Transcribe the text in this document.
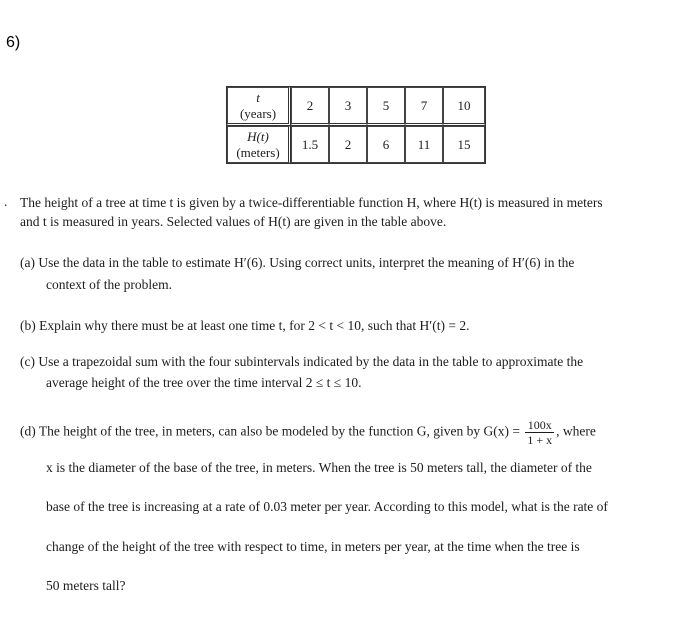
6)
t
(years)	2	3	5	7	10

H(t)
(meters)	1.5	2	6	11	15
. The height of a tree at time t is given by a twice-differentiable function H, where H(t) is measured in meters
and t is measured in years. Selected values of H(t) are given in the table above.
(a) Use the data in the table to estimate H′(6). Using correct units, interpret the meaning of H′(6) in the
context of the problem.
(b) Explain why there must be at least one time t, for 2 < t < 10, such that H′(t) = 2.
(c) Use a trapezoidal sum with the four subintervals indicated by the data in the table to approximate the
average height of the tree over the time interval 2 ≤ t ≤ 10.
(d) The height of the tree, in meters, can also be modeled by the function G, given by $G(x) = \frac{100x}{1 + x}$ , where
x is the diameter of the base of the tree, in meters. When the tree is 50 meters tall, the diameter of the
base of the tree is increasing at a rate of 0.03 meter per year. According to this model, what is the rate of
change of the height of the tree with respect to time, in meters per year, at the time when the tree is
50 meters tall?
